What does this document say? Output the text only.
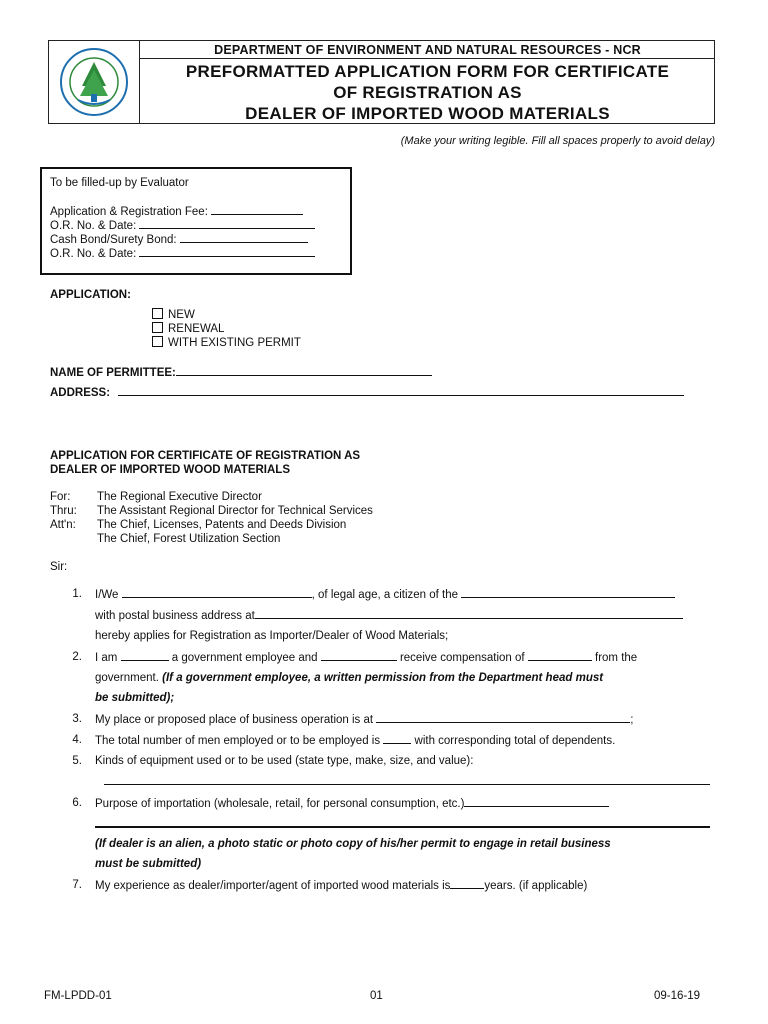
DEPARTMENT OF ENVIRONMENT AND NATURAL RESOURCES - NCR
PREFORMATTED APPLICATION FORM FOR CERTIFICATE
OF REGISTRATION AS
DEALER OF IMPORTED WOOD MATERIALS
(Make your writing legible. Fill all spaces properly to avoid delay)
To be filled-up by Evaluator
Application & Registration Fee:
O.R. No. & Date:
Cash Bond/Surety Bond:
O.R. No. & Date:
APPLICATION:
NEW
RENEWAL
WITH EXISTING PERMIT
NAME OF PERMITTEE:
ADDRESS:
APPLICATION FOR CERTIFICATE OF REGISTRATION AS
DEALER OF IMPORTED WOOD MATERIALS
For: The Regional Executive Director
Thru: The Assistant Regional Director for Technical Services
Att'n: The Chief, Licenses, Patents and Deeds Division
The Chief, Forest Utilization Section
Sir:
1. I/We	, of legal age, a citizen of the
with postal business address at
hereby applies for Registration as Importer/Dealer of Wood Materials;
2. I am	a government employee and	receive compensation of	from the
government. (If a government employee, a written permission from the Department head must
be submitted);
3. My place or proposed place of business operation is at	;
4. The total number of men employed or to be employed is	with corresponding total of dependents.
5. Kinds of equipment used or to be used (state type, make, size, and value):
6. Purpose of importation (wholesale, retail, for personal consumption, etc.)
(If dealer is an alien, a photo static or photo copy of his/her permit to engage in retail business
must be submitted)
7. My experience as dealer/importer/agent of imported wood materials is	years. (if applicable)
FM-LPDD-01	01	09-16-19
